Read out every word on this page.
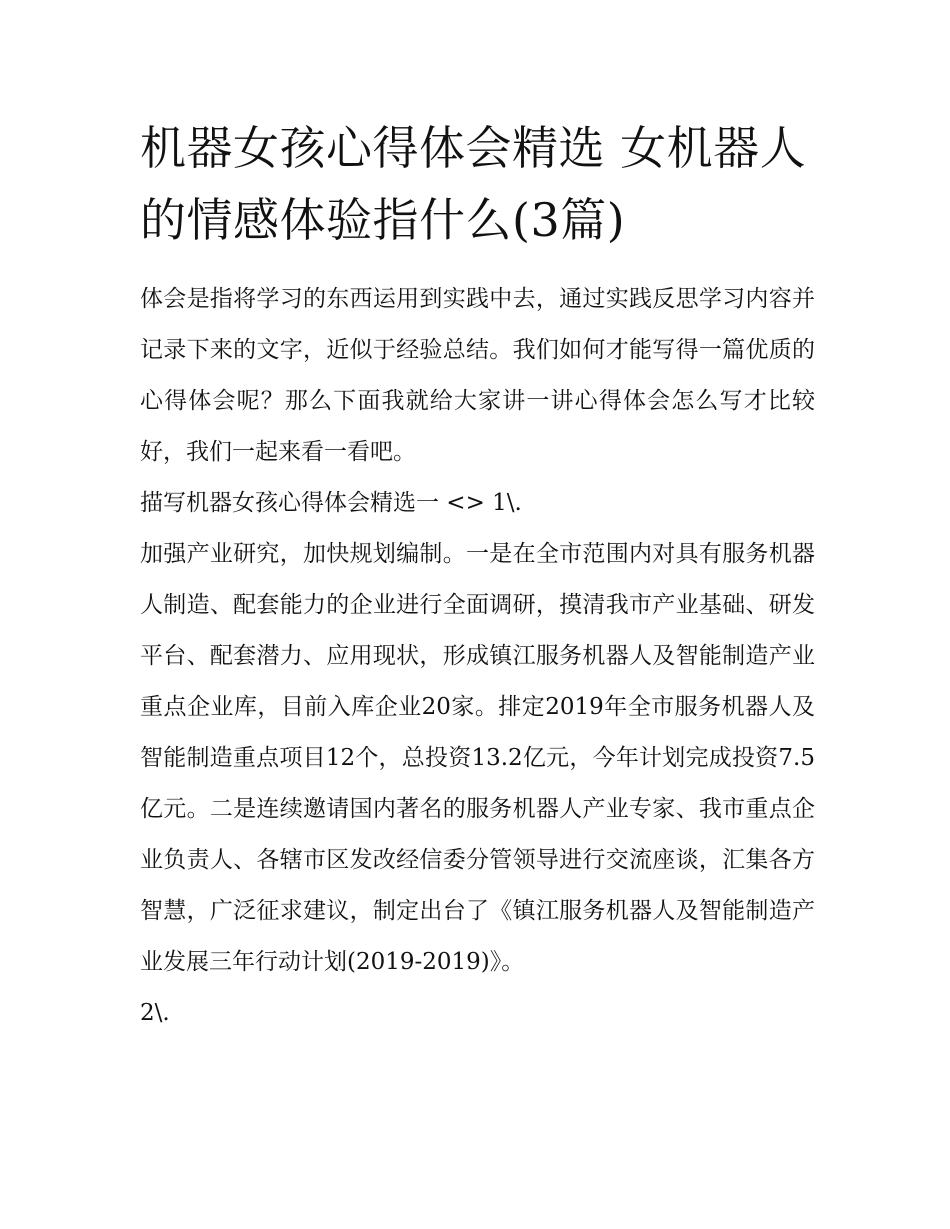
机器女孩心得体会精选 女机器人的情感体验指什么(3篇)

体会是指将学习的东西运用到实践中去，通过实践反思学习内容并记录下来的文字，近似于经验总结。我们如何才能写得一篇优质的心得体会呢？那么下面我就给大家讲一讲心得体会怎么写才比较好，我们一起来看一看吧。

描写机器女孩心得体会精选一 <> 1\.

加强产业研究，加快规划编制。一是在全市范围内对具有服务机器人制造、配套能力的企业进行全面调研，摸清我市产业基础、研发平台、配套潜力、应用现状，形成镇江服务机器人及智能制造产业重点企业库，目前入库企业20家。排定2019年全市服务机器人及智能制造重点项目12个，总投资13.2亿元，今年计划完成投资7.5亿元。二是连续邀请国内著名的服务机器人产业专家、我市重点企业负责人、各辖市区发改经信委分管领导进行交流座谈，汇集各方智慧，广泛征求建议，制定出台了《镇江服务机器人及智能制造产业发展三年行动计划(2019-2019)》。

2\.
